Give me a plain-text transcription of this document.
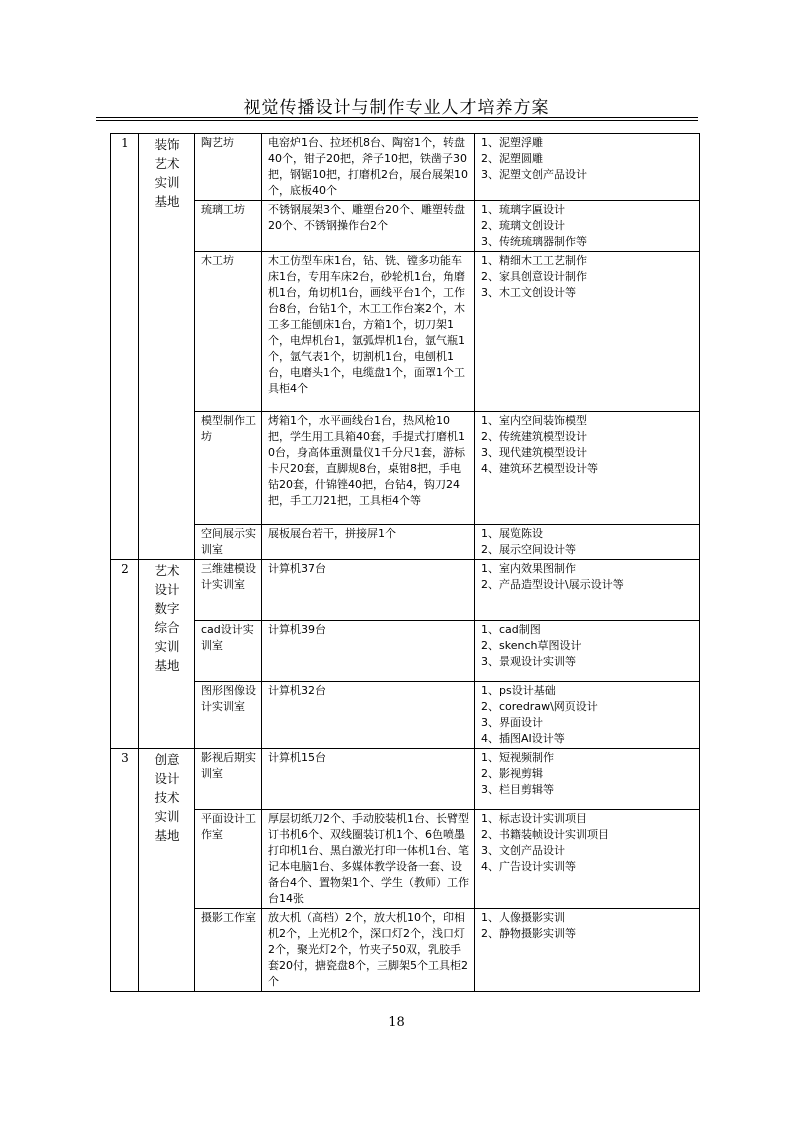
视觉传播设计与制作专业人才培养方案
1	装饰艺术实训基地	陶艺坊	电窑炉1台、拉坯机8台、陶窑1个，转盘40个，钳子20把，斧子10把，铁凿子30把，钢锯10把，打磨机2台，展台展架10个，底板40个	1、泥塑浮雕
2、泥塑圆雕
3、泥塑文创产品设计

		琉璃工坊	不锈钢展架3个、雕塑台20个、雕塑转盘20个、不锈钢操作台2个	1、琉璃字匾设计
2、琉璃文创设计
3、传统琉璃器制作等

		木工坊	木工仿型车床1台，钻、铣、镗多功能车床1台，专用车床2台，砂轮机1台，角磨机1台，角切机1台，画线平台1个，工作台8台，台钻1个，木工工作台案2个，木工多工能刨床1台，方箱1个，切刀架1个，电焊机台1，氩弧焊机1台，氩气瓶1个，氩气表1个，切割机1台，电刨机1台，电磨头1个，电缆盘1个，面罩1个工具柜4个	1、精细木工工艺制作
2、家具创意设计制作
3、木工文创设计等

		模型制作工坊	烤箱1个，水平画线台1台，热风枪10把，学生用工具箱40套，手提式打磨机10台，身高体重测量仪1千分尺1套，游标卡尺20套，直脚规8台，桌钳8把，手电钻20套，什锦锉40把，台钻4，钩刀24把，手工刀21把，工具柜4个等	1、室内空间装饰模型
2、传统建筑模型设计
3、现代建筑模型设计
4、建筑环艺模型设计等

		空间展示实训室	展板展台若干，拼接屏1个	1、展览陈设
2、展示空间设计等

2	艺术设计数字综合实训基地	三维建模设计实训室	计算机37台	1、室内效果图制作
2、产品造型设计\展示设计等

		cad设计实训室	计算机39台	1、cad制图
2、skench草图设计
3、景观设计实训等

		图形图像设计实训室	计算机32台	1、ps设计基础
2、coredraw\网页设计
3、界面设计
4、插图AI设计等

3	创意设计技术实训基地	影视后期实训室	计算机15台	1、短视频制作
2、影视剪辑
3、栏目剪辑等

		平面设计工作室	厚层切纸刀2个、手动胶装机1台、长臂型订书机6个、双线圈装订机1个、6色喷墨打印机1台、黑白激光打印一体机1台、笔记本电脑1台、多媒体教学设备一套、设备台4个、置物架1个、学生（教师）工作台14张	1、标志设计实训项目
2、书籍装帧设计实训项目
3、文创产品设计
4、广告设计实训等

		摄影工作室	放大机（高档）2个，放大机10个，印相机2个，上光机2个，深口灯2个，浅口灯2个，聚光灯2个，竹夹子50双，乳胶手套20付，搪瓷盘8个，三脚架5个工具柜2个	1、人像摄影实训
2、静物摄影实训等
18
